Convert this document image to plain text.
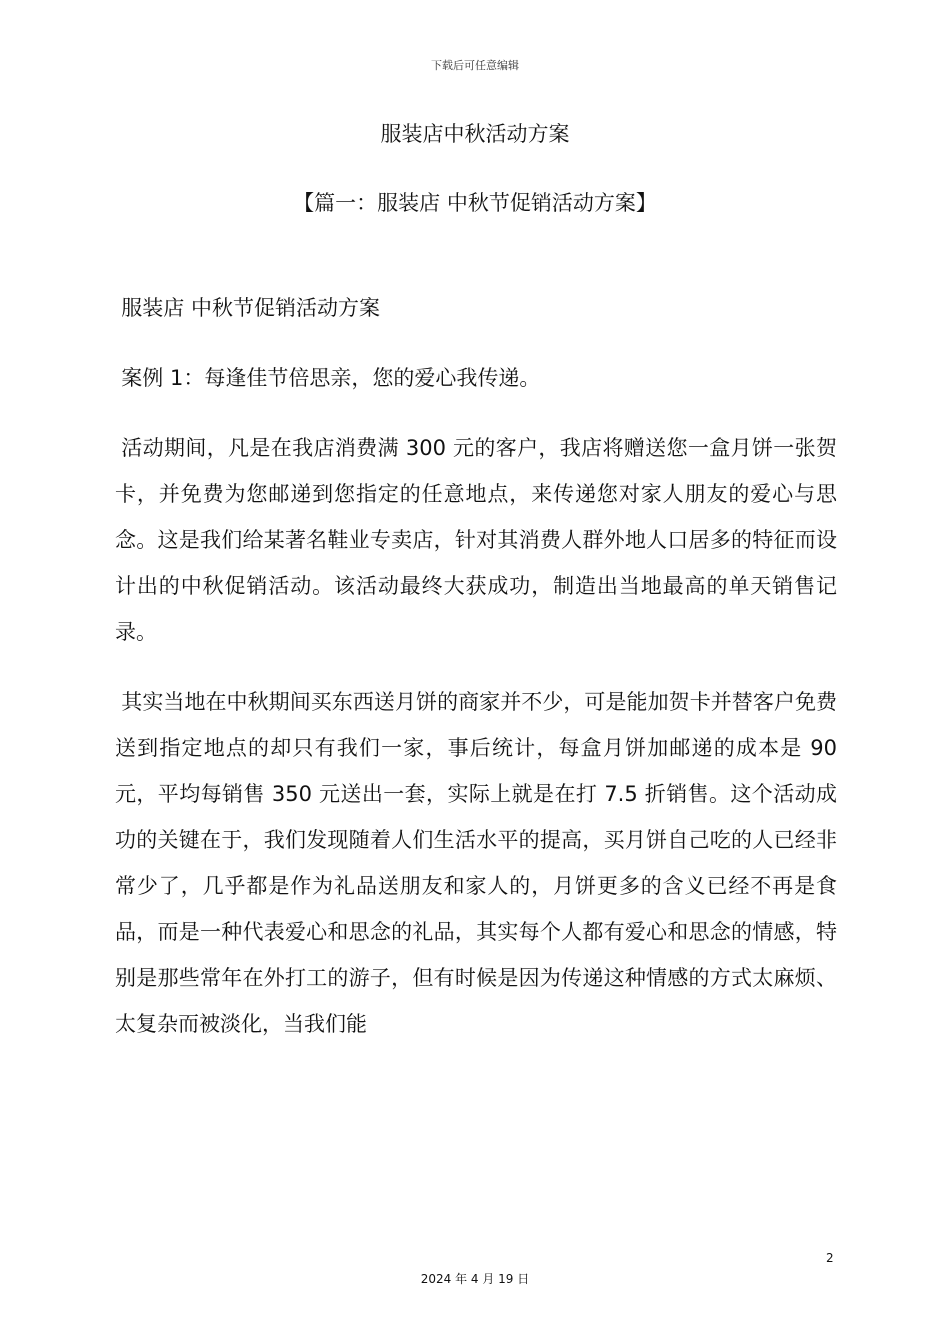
下载后可任意编辑
服装店中秋活动方案
【篇一：服装店 中秋节促销活动方案】

服装店 中秋节促销活动方案

案例 1：每逢佳节倍思亲，您的爱心我传递。

活动期间，凡是在我店消费满 300 元的客户，我店将赠送您一盒月饼一张贺卡，并免费为您邮递到您指定的任意地点，来传递您对家人朋友的爱心与思念。这是我们给某著名鞋业专卖店，针对其消费人群外地人口居多的特征而设计出的中秋促销活动。该活动最终大获成功，制造出当地最高的单天销售记录。

其实当地在中秋期间买东西送月饼的商家并不少，可是能加贺卡并替客户免费送到指定地点的却只有我们一家，事后统计，每盒月饼加邮递的成本是 90 元，平均每销售 350 元送出一套，实际上就是在打 7.5 折销售。这个活动成功的关键在于，我们发现随着人们生活水平的提高，买月饼自己吃的人已经非常少了，几乎都是作为礼品送朋友和家人的，月饼更多的含义已经不再是食品，而是一种代表爱心和思念的礼品，其实每个人都有爱心和思念的情感，特别是那些常年在外打工的游子，但有时候是因为传递这种情感的方式太麻烦、太复杂而被淡化，当我们能

2
2024 年 4 月 19 日
